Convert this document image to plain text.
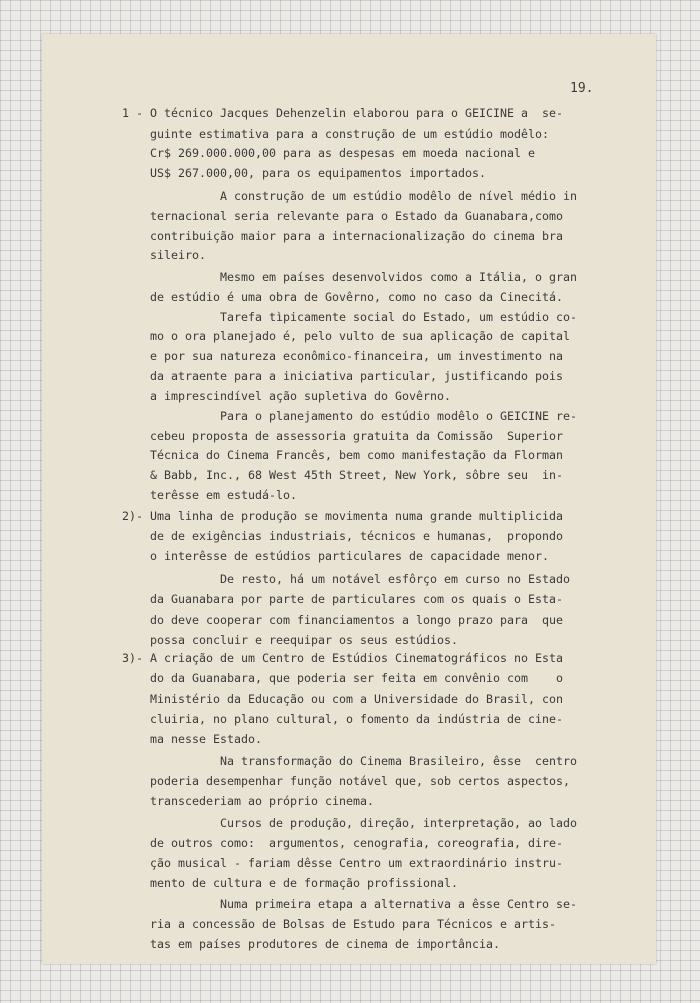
19.
1 - O técnico Jacques Dehenzelin elaborou para o GEICINE a  se-
guinte estimativa para a construção de um estúdio modêlo:
Cr$ 269.000.000,00 para as despesas em moeda nacional e
US$ 267.000,00, para os equipamentos importados.
A construção de um estúdio modêlo de nível médio in
ternacional seria relevante para o Estado da Guanabara,como
contribuição maior para a internacionalização do cinema bra
sileiro.
Mesmo em países desenvolvidos como a Itália, o gran
de estúdio é uma obra de Govêrno, como no caso da Cinecitá.
Tarefa tìpicamente social do Estado, um estúdio co-
mo o ora planejado é, pelo vulto de sua aplicação de capital
e por sua natureza econômico-financeira, um investimento na
da atraente para a iniciativa particular, justificando pois
a imprescindível ação supletiva do Govêrno.
Para o planejamento do estúdio modêlo o GEICINE re-
cebeu proposta de assessoria gratuita da Comissão  Superior
Técnica do Cinema Francês, bem como manifestação da Florman
& Babb, Inc., 68 West 45th Street, New York, sôbre seu  in-
terêsse em estudá-lo.
2)- Uma linha de produção se movimenta numa grande multiplicida
de de exigências industriais, técnicos e humanas,  propondo
o interêsse de estúdios particulares de capacidade menor.
De resto, há um notável esfôrço em curso no Estado
da Guanabara por parte de particulares com os quais o Esta-
do deve cooperar com financiamentos a longo prazo para  que
possa concluir e reequipar os seus estúdios.
3)- A criação de um Centro de Estúdios Cinematográficos no Esta
do da Guanabara, que poderia ser feita em convênio com    o
Ministério da Educação ou com a Universidade do Brasil, con
cluiria, no plano cultural, o fomento da indústria de cine-
ma nesse Estado.
Na transformação do Cinema Brasileiro, êsse  centro
poderia desempenhar função notável que, sob certos aspectos,
transcederiam ao próprio cinema.
Cursos de produção, direção, interpretação, ao lado
de outros como:  argumentos, cenografia, coreografia, dire-
ção musical - fariam dêsse Centro um extraordinário instru-
mento de cultura e de formação profissional.
Numa primeira etapa a alternativa a êsse Centro se-
ria a concessão de Bolsas de Estudo para Técnicos e artis-
tas em países produtores de cinema de importância.
